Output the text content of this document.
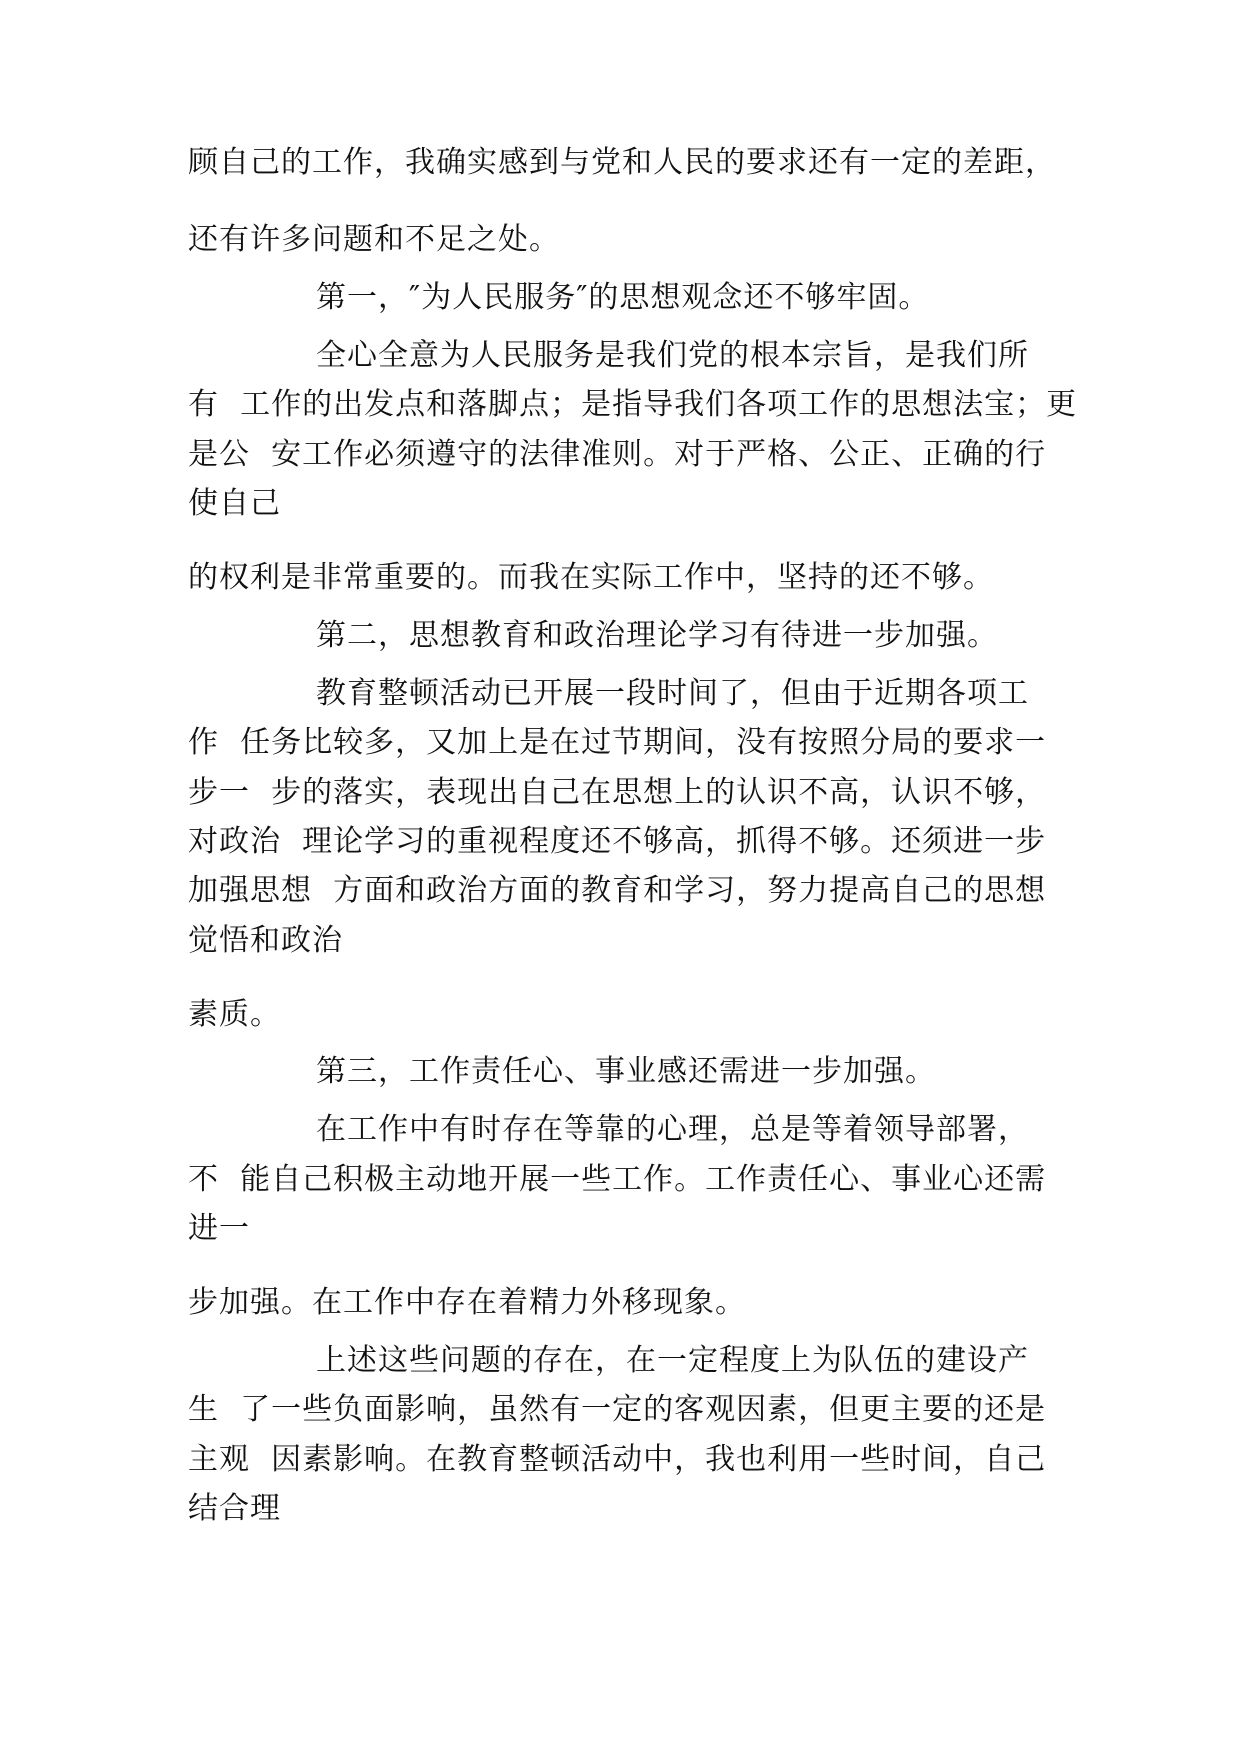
顾自己的工作，我确实感到与党和人民的要求还有一定的差距，
还有许多问题和不足之处。
第一，″为人民服务″的思想观念还不够牢固。
全心全意为人民服务是我们党的根本宗旨，是我们所
有  工作的出发点和落脚点；是指导我们各项工作的思想法宝；更
是公  安工作必须遵守的法律准则。对于严格、公正、正确的行
使自己
的权利是非常重要的。而我在实际工作中，坚持的还不够。
第二，思想教育和政治理论学习有待进一步加强。
教育整顿活动已开展一段时间了，但由于近期各项工
作  任务比较多，又加上是在过节期间，没有按照分局的要求一
步一  步的落实，表现出自己在思想上的认识不高，认识不够，
对政治  理论学习的重视程度还不够高，抓得不够。还须进一步
加强思想  方面和政治方面的教育和学习，努力提高自己的思想
觉悟和政治
素质。
第三，工作责任心、事业感还需进一步加强。
在工作中有时存在等靠的心理，总是等着领导部署，
不  能自己积极主动地开展一些工作。工作责任心、事业心还需
进一
步加强。在工作中存在着精力外移现象。
上述这些问题的存在，在一定程度上为队伍的建设产
生  了一些负面影响，虽然有一定的客观因素，但更主要的还是
主观  因素影响。在教育整顿活动中，我也利用一些时间，自己
结合理
